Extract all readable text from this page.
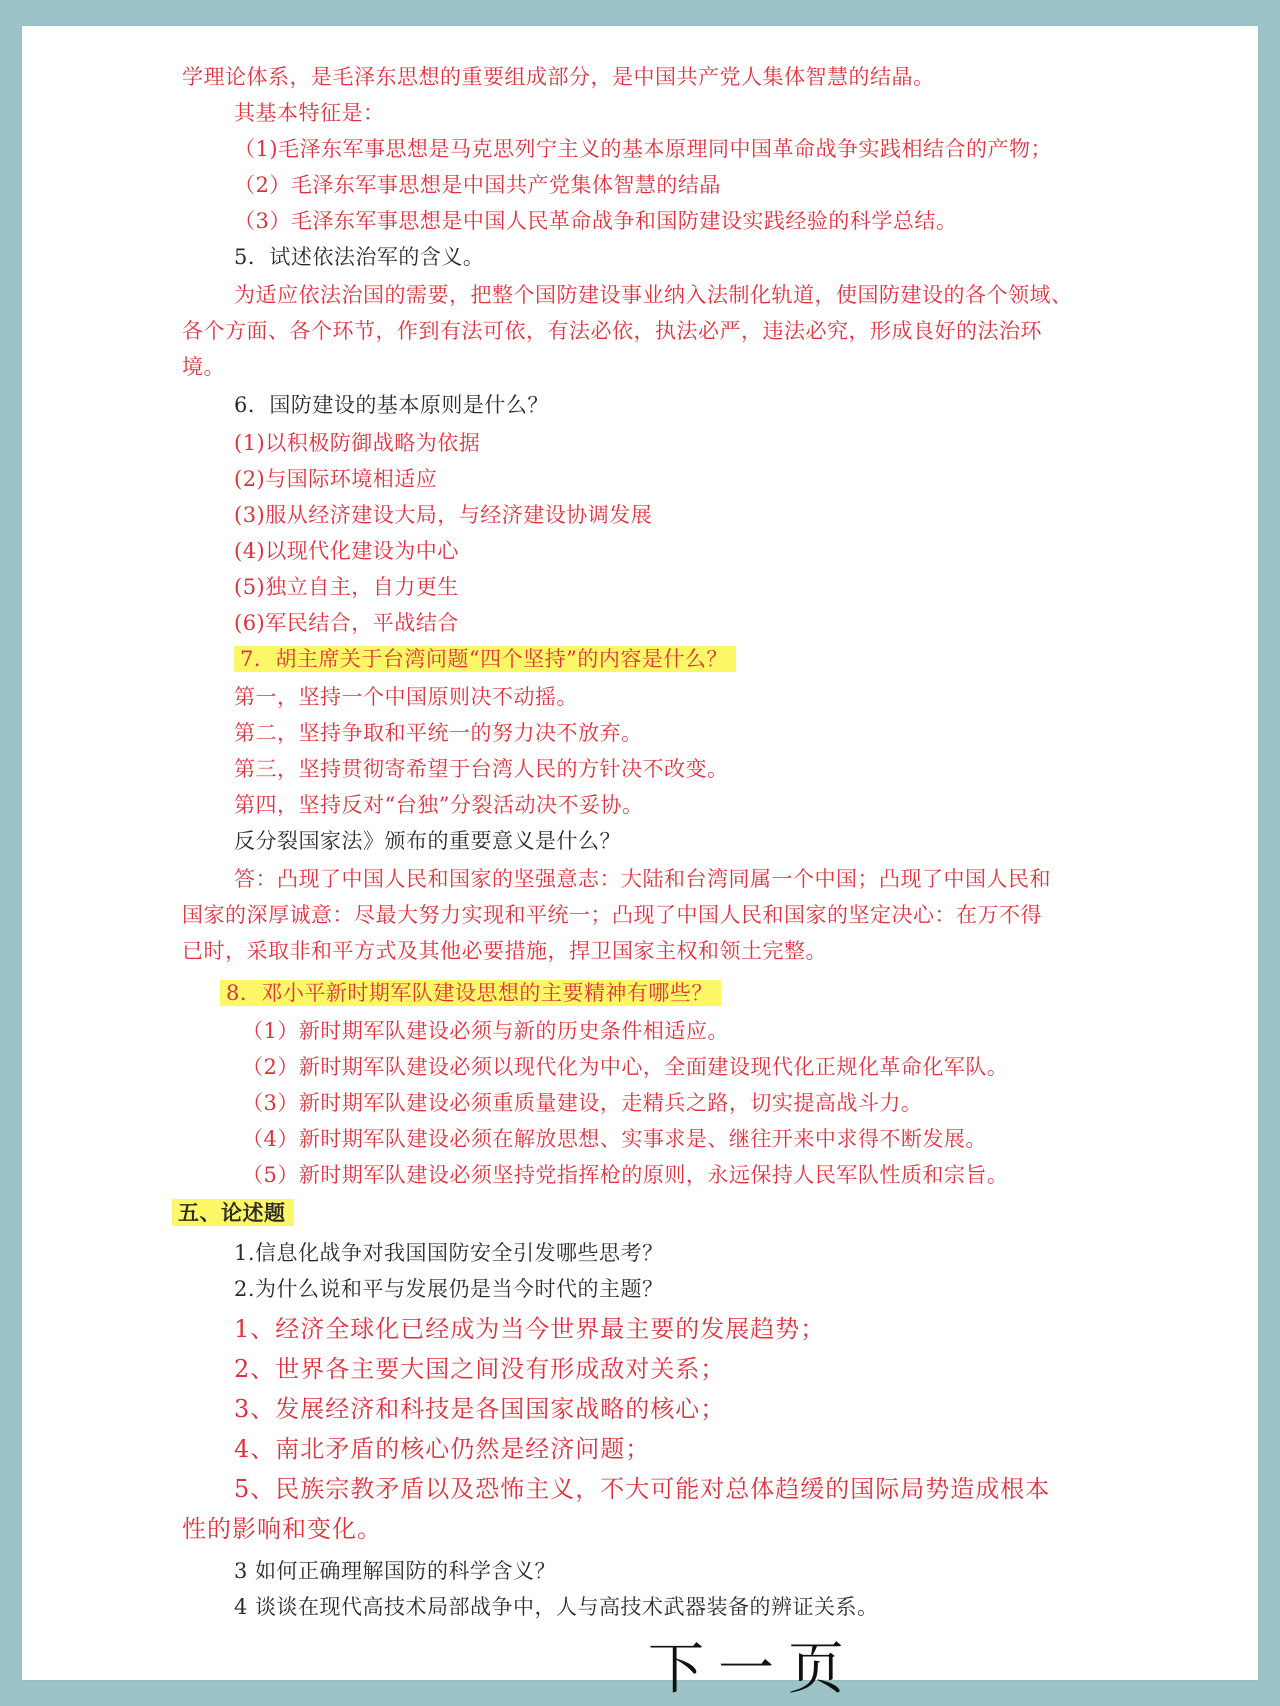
学理论体系，是毛泽东思想的重要组成部分，是中国共产党人集体智慧的结晶。
其基本特征是：
（1)毛泽东军事思想是马克思列宁主义的基本原理同中国革命战争实践相结合的产物；
（2）毛泽东军事思想是中国共产党集体智慧的结晶
（3）毛泽东军事思想是中国人民革命战争和国防建设实践经验的科学总结。
5．试述依法治军的含义。
为适应依法治国的需要，把整个国防建设事业纳入法制化轨道，使国防建设的各个领域、
各个方面、各个环节，作到有法可依，有法必依，执法必严，违法必究，形成良好的法治环
境。
6．国防建设的基本原则是什么？
(1)以积极防御战略为依据
(2)与国际环境相适应
(3)服从经济建设大局，与经济建设协调发展
(4)以现代化建设为中心
(5)独立自主，自力更生
(6)军民结合，平战结合
7．胡主席关于台湾问题“四个坚持”的内容是什么？
第一，坚持一个中国原则决不动摇。
第二，坚持争取和平统一的努力决不放弃。
第三，坚持贯彻寄希望于台湾人民的方针决不改变。
第四，坚持反对“台独”分裂活动决不妥协。
反分裂国家法》颁布的重要意义是什么？
答：凸现了中国人民和国家的坚强意志：大陆和台湾同属一个中国；凸现了中国人民和
国家的深厚诚意：尽最大努力实现和平统一；凸现了中国人民和国家的坚定决心：在万不得
已时，采取非和平方式及其他必要措施，捍卫国家主权和领土完整。
8．邓小平新时期军队建设思想的主要精神有哪些？
（1）新时期军队建设必须与新的历史条件相适应。
（2）新时期军队建设必须以现代化为中心，全面建设现代化正规化革命化军队。
（3）新时期军队建设必须重质量建设，走精兵之路，切实提高战斗力。
（4）新时期军队建设必须在解放思想、实事求是、继往开来中求得不断发展。
（5）新时期军队建设必须坚持党指挥枪的原则，永远保持人民军队性质和宗旨。
五、论述题
1.信息化战争对我国国防安全引发哪些思考？
2.为什么说和平与发展仍是当今时代的主题？
1、经济全球化已经成为当今世界最主要的发展趋势；
2、世界各主要大国之间没有形成敌对关系；
3、发展经济和科技是各国国家战略的核心；
4、南北矛盾的核心仍然是经济问题；
5、民族宗教矛盾以及恐怖主义，不大可能对总体趋缓的国际局势造成根本
性的影响和变化。
3 如何正确理解国防的科学含义？
4 谈谈在现代高技术局部战争中，人与高技术武器装备的辨证关系。
下一页
